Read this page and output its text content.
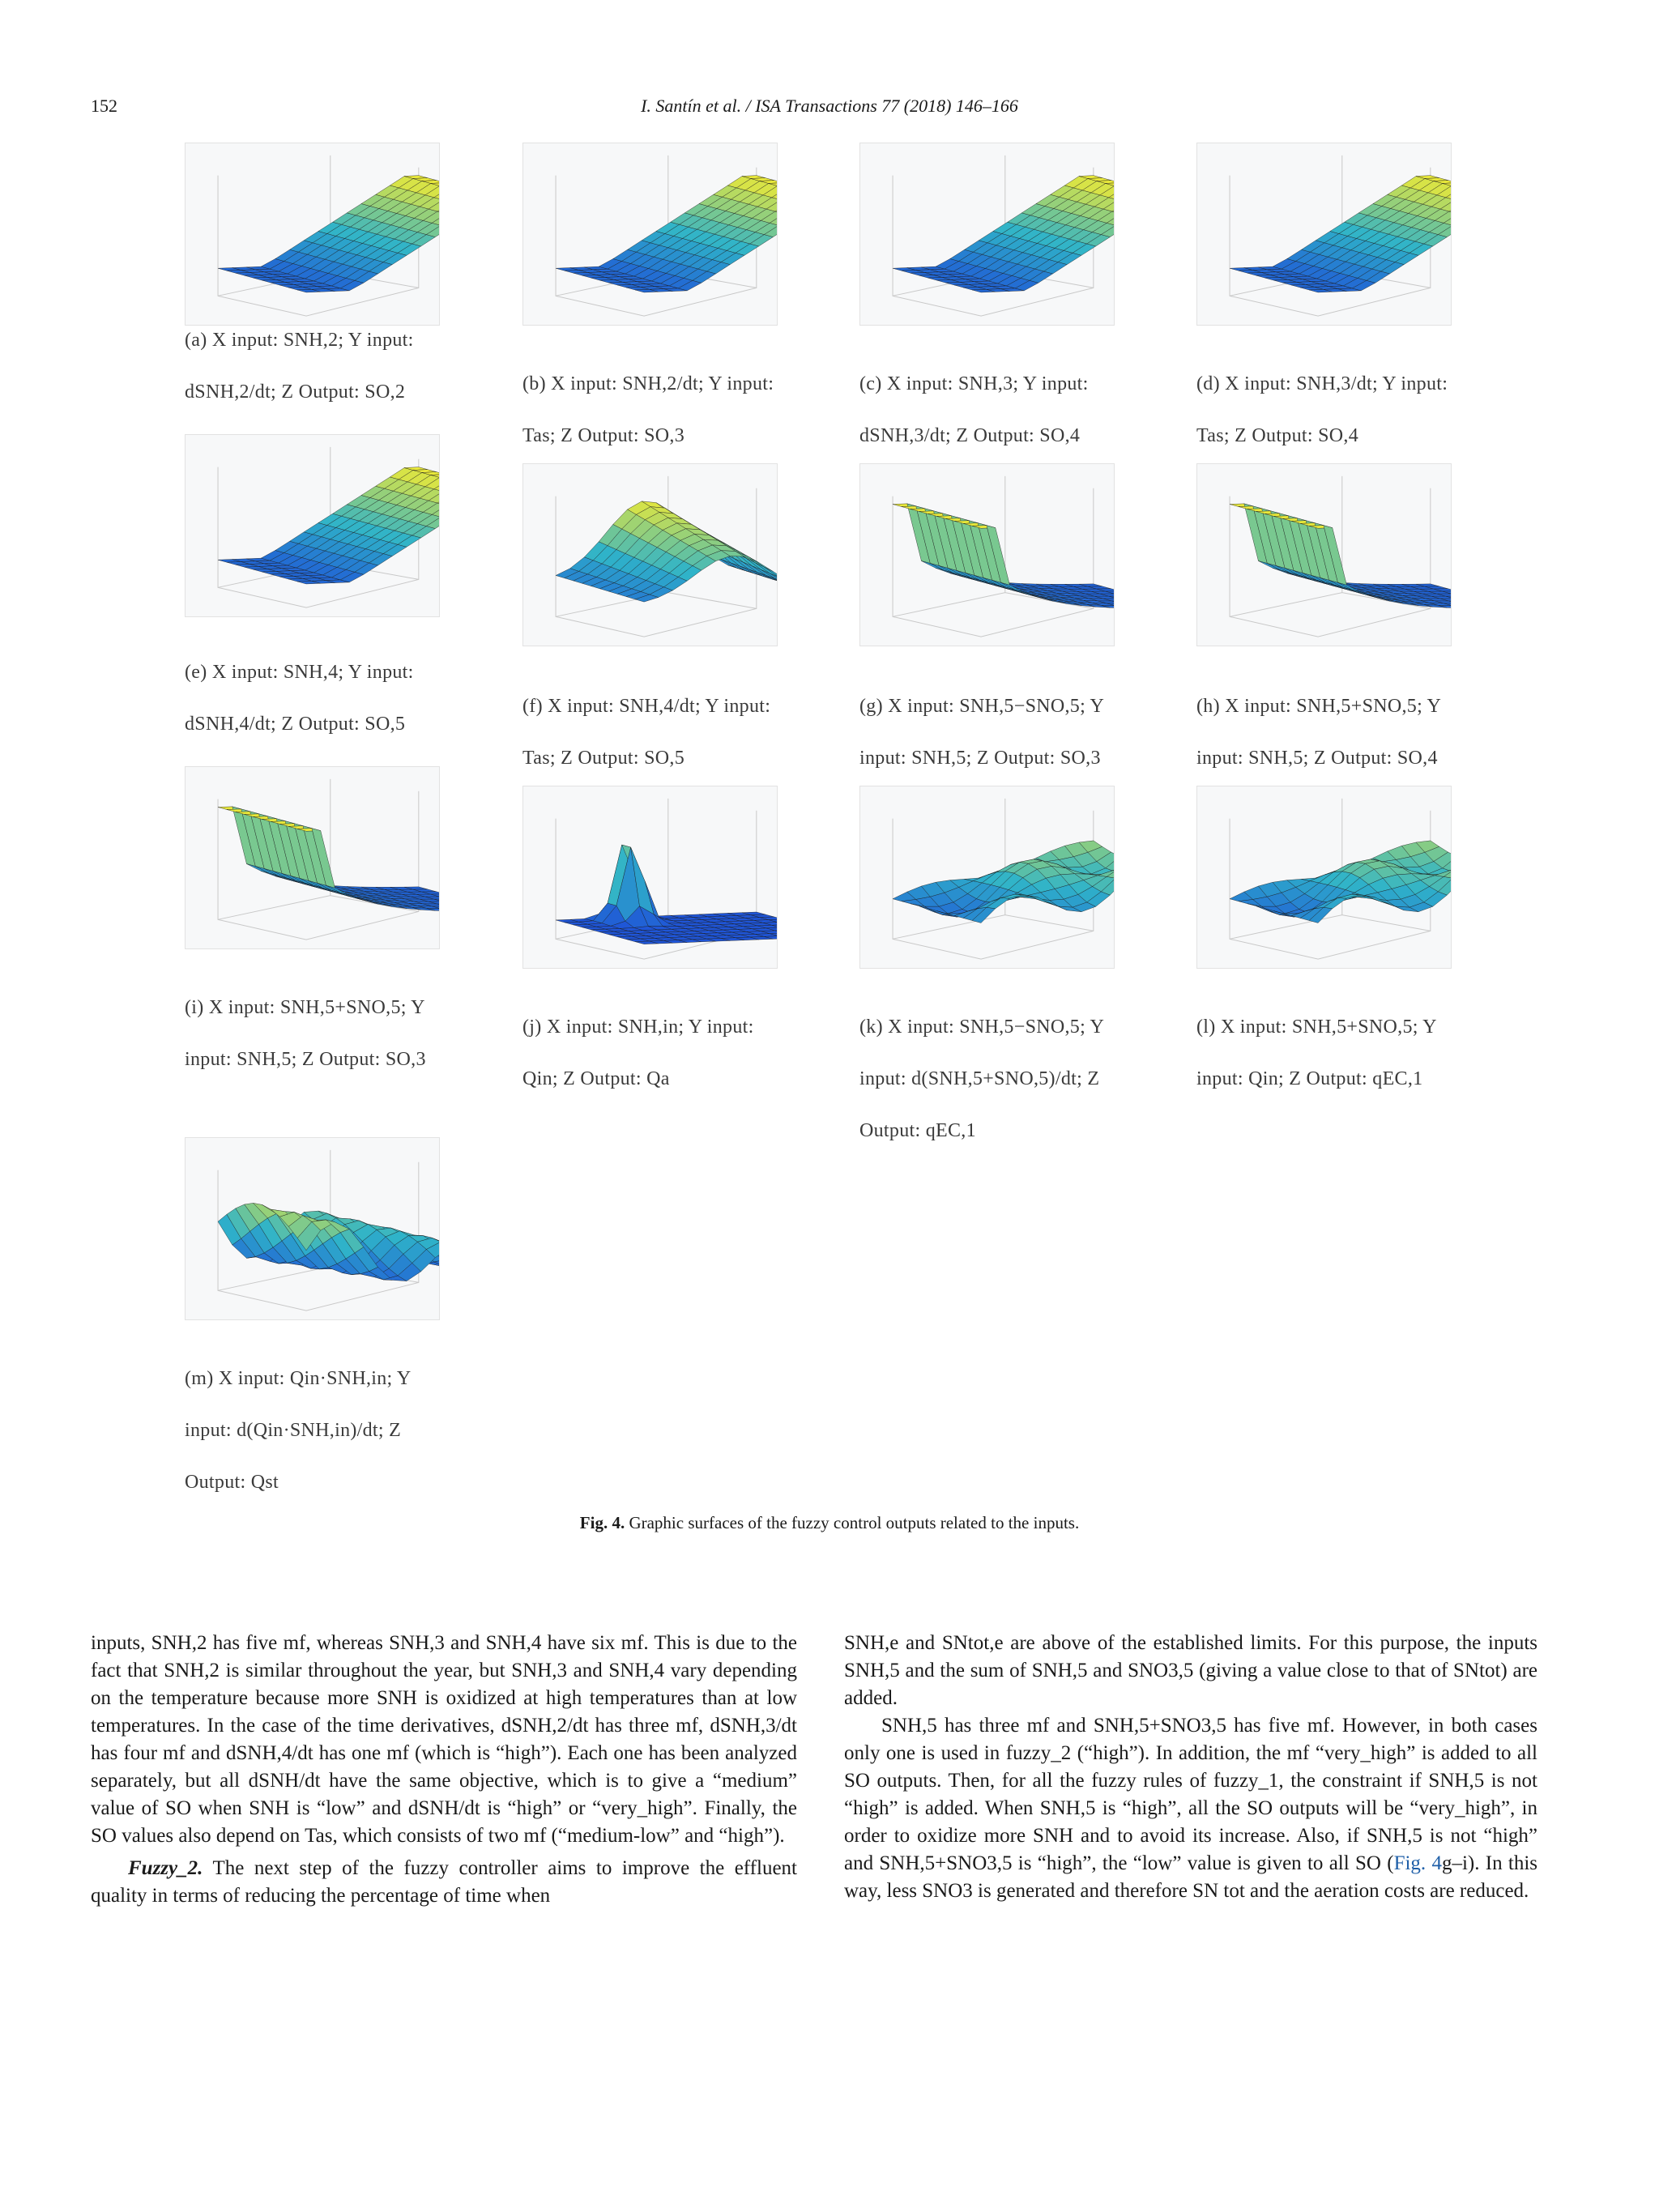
152	I. Santín et al. / ISA Transactions 77 (2018) 146–166
(a) X input: SNH,2; Y input: dSNH,2/dt; Z Output: SO,2	(b) X input: SNH,2/dt; Y input: Tas; Z Output: SO,3
(c) X input: SNH,3; Y input: dSNH,3/dt; Z Output: SO,4
(d) X input: SNH,3/dt; Y input: Tas; Z Output: SO,4
(e) X input: SNH,4; Y input: dSNH,4/dt; Z Output: SO,5
(f) X input: SNH,4/dt; Y input: Tas; Z Output: SO,5
(g) X input: SNH,5−SNO,5; Y input: SNH,5; Z Output: SO,3
(h) X input: SNH,5+SNO,5; Y input: SNH,5; Z Output: SO,4
(i) X input: SNH,5+SNO,5; Y input: SNH,5; Z Output: SO,3
(j) X input: SNH,in; Y input: Qin; Z Output: Qa
(k) X input: SNH,5−SNO,5; Y input: d(SNH,5+SNO,5)/dt; Z Output: qEC,1
(l) X input: SNH,5+SNO,5; Y input: Qin; Z Output: qEC,1
(m) X input: Qin·SNH,in; Y input: d(Qin·SNH,in)/dt; Z Output: Qst
Fig. 4. Graphic surfaces of the fuzzy control outputs related to the inputs.

inputs, SNH,2 has five mf, whereas SNH,3 and SNH,4 have six mf. This is due to the fact that SNH,2 is similar throughout the year, but SNH,3 and SNH,4 vary depending on the temperature because more SNH is oxidized at high temperatures than at low temperatures. In the case of the time derivatives, dSNH,2/dt has three mf, dSNH,3/dt has four mf and dSNH,4/dt has one mf (which is “high”). Each one has been analyzed separately, but all dSNH/dt have the same objective, which is to give a “medium” value of SO when SNH is “low” and dSNH/dt is “high” or “very_high”. Finally, the SO values also depend on Tas, which consists of two mf (“medium-low” and “high”).

Fuzzy_2. The next step of the fuzzy controller aims to improve the effluent quality in terms of reducing the percentage of time when

SNH,e and SNtot,e are above of the established limits. For this purpose, the inputs SNH,5 and the sum of SNH,5 and SNO3,5 (giving a value close to that of SNtot) are added.

SNH,5 has three mf and SNH,5+SNO3,5 has five mf. However, in both cases only one is used in fuzzy_2 (“high”). In addition, the mf “very_high” is added to all SO outputs. Then, for all the fuzzy rules of fuzzy_1, the constraint if SNH,5 is not “high” is added. When SNH,5 is “high”, all the SO outputs will be “very_high”, in order to oxidize more SNH and to avoid its increase. Also, if SNH,5 is not “high” and SNH,5+SNO3,5 is “high”, the “low” value is given to all SO (Fig. 4g–i). In this way, less SNO3 is generated and therefore SN tot and the aeration costs are reduced.
